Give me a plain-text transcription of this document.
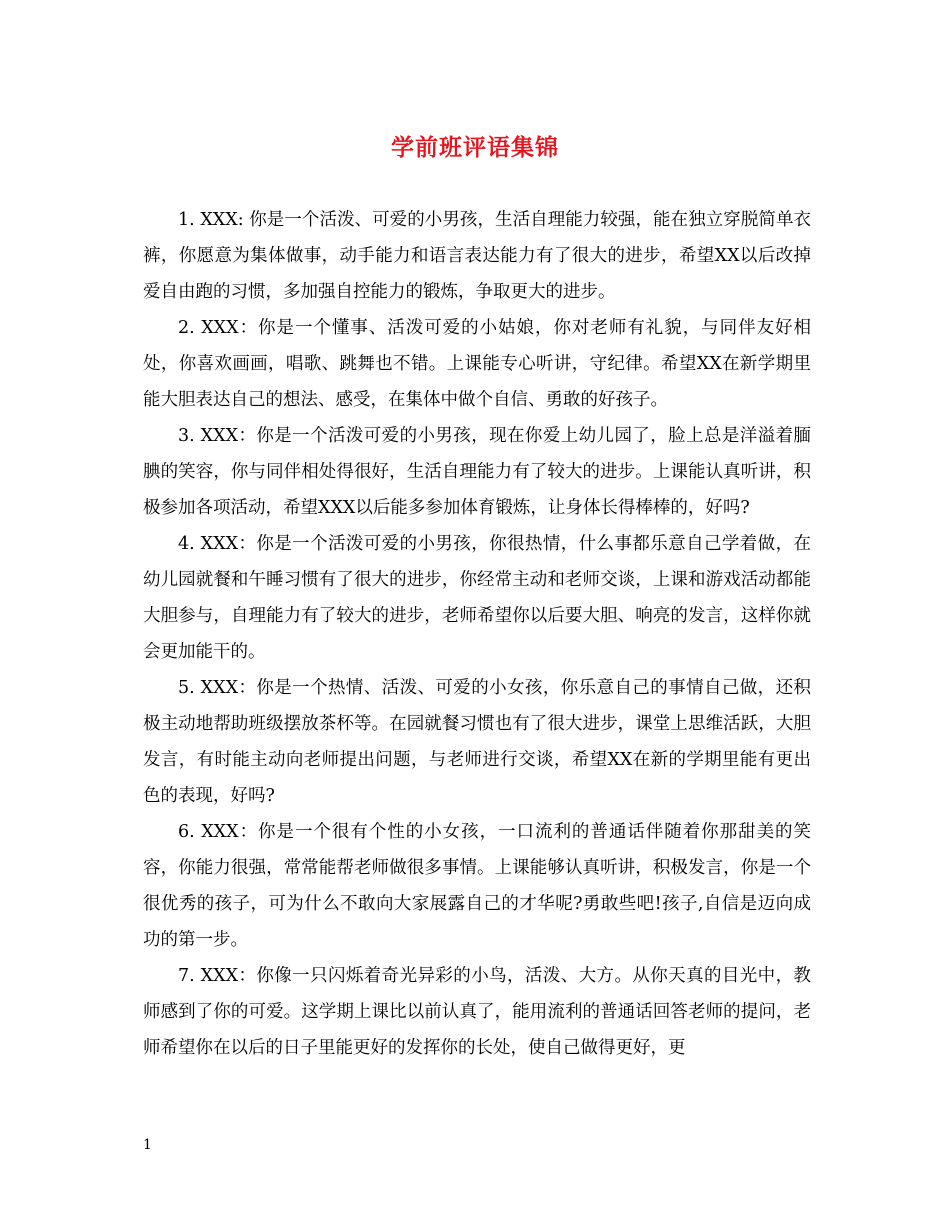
学前班评语集锦

1. XXX: 你是一个活泼、可爱的小男孩，生活自理能力较强，能在独立穿脱简单衣裤，你愿意为集体做事，动手能力和语言表达能力有了很大的进步，希望XX以后改掉爱自由跑的习惯，多加强自控能力的锻炼，争取更大的进步。

2. XXX：你是一个懂事、活泼可爱的小姑娘，你对老师有礼貌，与同伴友好相处，你喜欢画画，唱歌、跳舞也不错。上课能专心听讲，守纪律。希望XX在新学期里能大胆表达自己的想法、感受，在集体中做个自信、勇敢的好孩子。

3. XXX：你是一个活泼可爱的小男孩，现在你爱上幼儿园了，脸上总是洋溢着腼腆的笑容，你与同伴相处得很好，生活自理能力有了较大的进步。上课能认真听讲，积极参加各项活动，希望XXX以后能多参加体育锻炼，让身体长得棒棒的，好吗?

4. XXX：你是一个活泼可爱的小男孩，你很热情，什么事都乐意自己学着做，在幼儿园就餐和午睡习惯有了很大的进步，你经常主动和老师交谈，上课和游戏活动都能大胆参与，自理能力有了较大的进步，老师希望你以后要大胆、响亮的发言，这样你就会更加能干的。

5. XXX：你是一个热情、活泼、可爱的小女孩，你乐意自己的事情自己做，还积极主动地帮助班级摆放茶杯等。在园就餐习惯也有了很大进步，课堂上思维活跃，大胆发言，有时能主动向老师提出问题，与老师进行交谈，希望XX在新的学期里能有更出色的表现，好吗?

6. XXX：你是一个很有个性的小女孩，一口流利的普通话伴随着你那甜美的笑容，你能力很强，常常能帮老师做很多事情。上课能够认真听讲，积极发言，你是一个很优秀的孩子，可为什么不敢向大家展露自己的才华呢?勇敢些吧!孩子,自信是迈向成功的第一步。

7. XXX：你像一只闪烁着奇光异彩的小鸟，活泼、大方。从你天真的目光中，教师感到了你的可爱。这学期上课比以前认真了，能用流利的普通话回答老师的提问，老师希望你在以后的日子里能更好的发挥你的长处，使自己做得更好，更

1
